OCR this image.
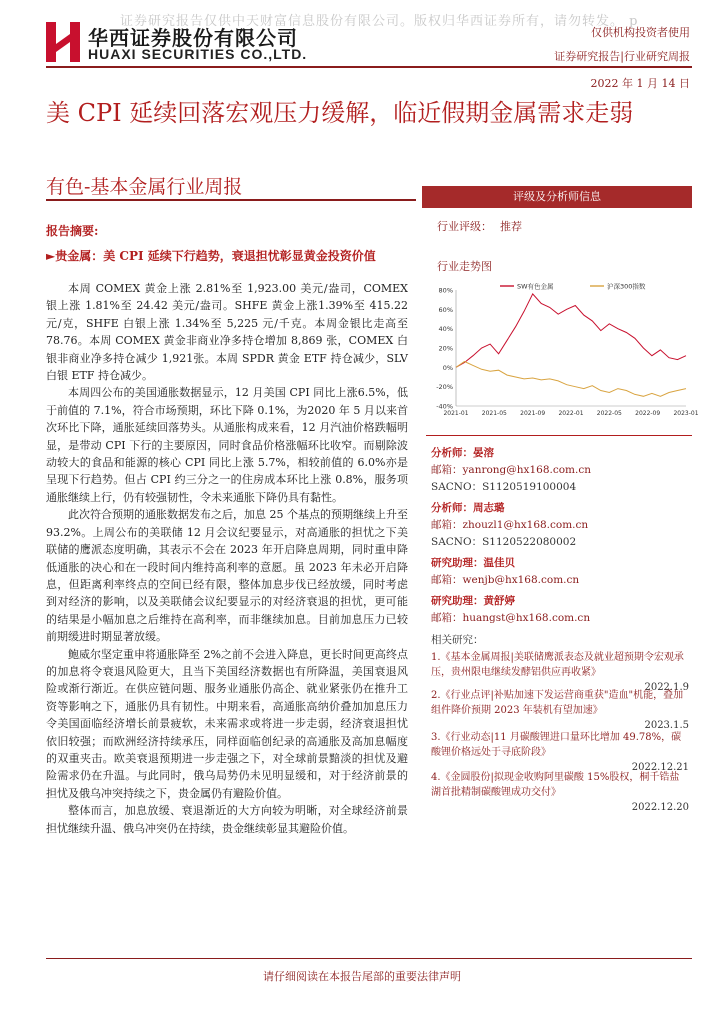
证券研究报告仅供中天财富信息股份有限公司。版权归华西证券所有，请勿转发。 p
华西证券股份有限公司
HUAXI SECURITIES CO.,LTD.
仅供机构投资者使用
证券研究报告|行业研究周报
2022 年 1 月 14 日
美 CPI 延续回落宏观压力缓解，临近假期金属需求走弱
有色-基本金属行业周报
报告摘要:
►贵金属：美 CPI 延续下行趋势，衰退担忧彰显黄金投资价值

本周 COMEX 黄金上涨 2.81%至 1,923.00 美元/盎司，COMEX 银上涨 1.81%至 24.42 美元/盎司。SHFE 黄金上涨1.39%至 415.22 元/克，SHFE 白银上涨 1.34%至 5,225 元/千克。本周金银比走高至 78.76。本周 COMEX 黄金非商业净多持仓增加 8,869 张，COMEX 白银非商业净多持仓减少 1,921张。本周 SPDR 黄金 ETF 持仓减少，SLV 白银 ETF 持仓减少。

本周四公布的美国通胀数据显示，12 月美国 CPI 同比上涨6.5%，低于前值的 7.1%，符合市场预期，环比下降 0.1%，为2020 年 5 月以来首次环比下降，通胀延续回落势头。从通胀构成来看，12 月汽油价格跌幅明显，是带动 CPI 下行的主要原因，同时食品价格涨幅环比收窄。而剔除波动较大的食品和能源的核心 CPI 同比上涨 5.7%，相较前值的 6.0%亦是呈现下行趋势。但占 CPI 约三分之一的住房成本环比上涨 0.8%，服务项通胀继续上行，仍有较强韧性，令未来通胀下降仍具有黏性。

此次符合预期的通胀数据发布之后，加息 25 个基点的预期继续上升至 93.2%。上周公布的美联储 12 月会议纪要显示，对高通胀的担忧之下美联储的鹰派态度明确，其表示不会在 2023 年开启降息周期，同时重申降低通胀的决心和在一段时间内维持高利率的意愿。虽 2023 年未必开启降息，但距离利率终点的空间已经有限，整体加息步伐已经放缓，同时考虑到对经济的影响，以及美联储会议纪要显示的对经济衰退的担忧，更可能的结果是小幅加息之后维持在高利率，而非继续加息。目前加息压力已较前期缓进时期显著放缓。

鲍威尔坚定重申将通胀降至 2%之前不会进入降息，更长时间更高终点的加息将令衰退风险更大，且当下美国经济数据也有所降温，美国衰退风险或渐行渐近。在供应链问题、服务业通胀仍高企、就业紧张仍在推升工资等影响之下，通胀仍具有韧性。中期来看，高通胀高纳价叠加加息压力令美国面临经济增长前景疲软，未来需求或将进一步走弱，经济衰退担忧依旧较强；而欧洲经济持续承压，同样面临创纪录的高通胀及高加息幅度的双重夹击。欧美衰退预期进一步走强之下，对全球前景黯淡的担忧及避险需求仍在升温。与此同时，俄乌局势仍未见明显缓和，对于经济前景的担忧及俄乌冲突持续之下，贵金属仍有避险价值。

整体而言，加息放缓、衰退渐近的大方向较为明晰，对全球经济前景担忧继续升温、俄乌冲突仍在持续，贵金继续彰显其避险价值。

评级及分析师信息
行业评级： 推荐
行业走势图
80%
60%
40%
20%
0%
-20%
-40%
2021-01 2021-05 2021-09 2022-01 2022-05 2022-09 2023-01
SW有色金属	沪深300指数
分析师：晏溶
邮箱：yanrong@hx168.com.cn
SACNO：S1120519100004
分析师：周志璐
邮箱：zhouzl1@hx168.com.cn
SACNO：S1120522080002
研究助理：温佳贝
邮箱：wenjb@hx168.com.cn
研究助理：黄舒婷
邮箱：huangst@hx168.com.cn
相关研究：
1.《基本金属周报|美联储鹰派表态及就业超预期令宏观承压，贵州限电继续发酵铝供应再收紧》
2022.1.9
2.《行业点评|补贴加速下发运营商重获"造血"机能，叠加组件降价预期 2023 年装机有望加速》
2023.1.5
3.《行业动态|11 月碳酸锂进口量环比增加 49.78%，碳酸锂价格远处于寻底阶段》
2022.12.21
4.《金圆股份|拟现金收购阿里碳酸 15%股权，桐千锆盐湖首批精制碳酸锂成功交付》
2022.12.20
请仔细阅读在本报告尾部的重要法律声明
